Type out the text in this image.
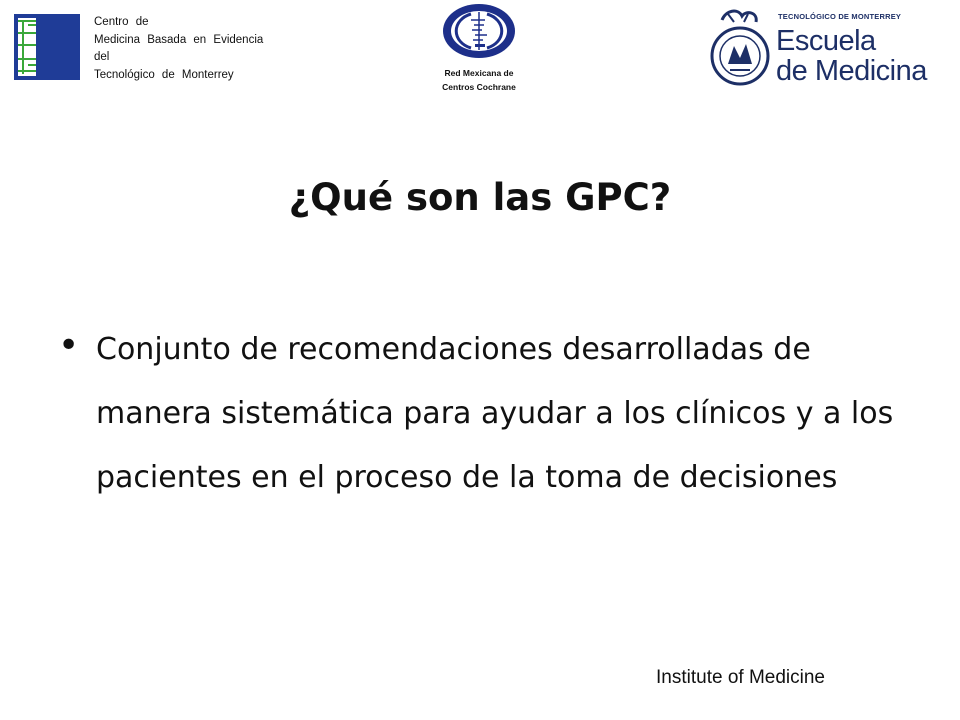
Centro de
Medicina Basada en Evidencia
del
Tecnológico de Monterrey	Red Mexicana de
Centros Cochrane
TECNOLÓGICO DE MONTERREY
Escuela
de Medicina
¿Qué son las GPC?
• Conjunto de recomendaciones desarrolladas de manera sistemática para ayudar a los clínicos y a los pacientes en el proceso de la toma de decisiones
Institute of Medicine
